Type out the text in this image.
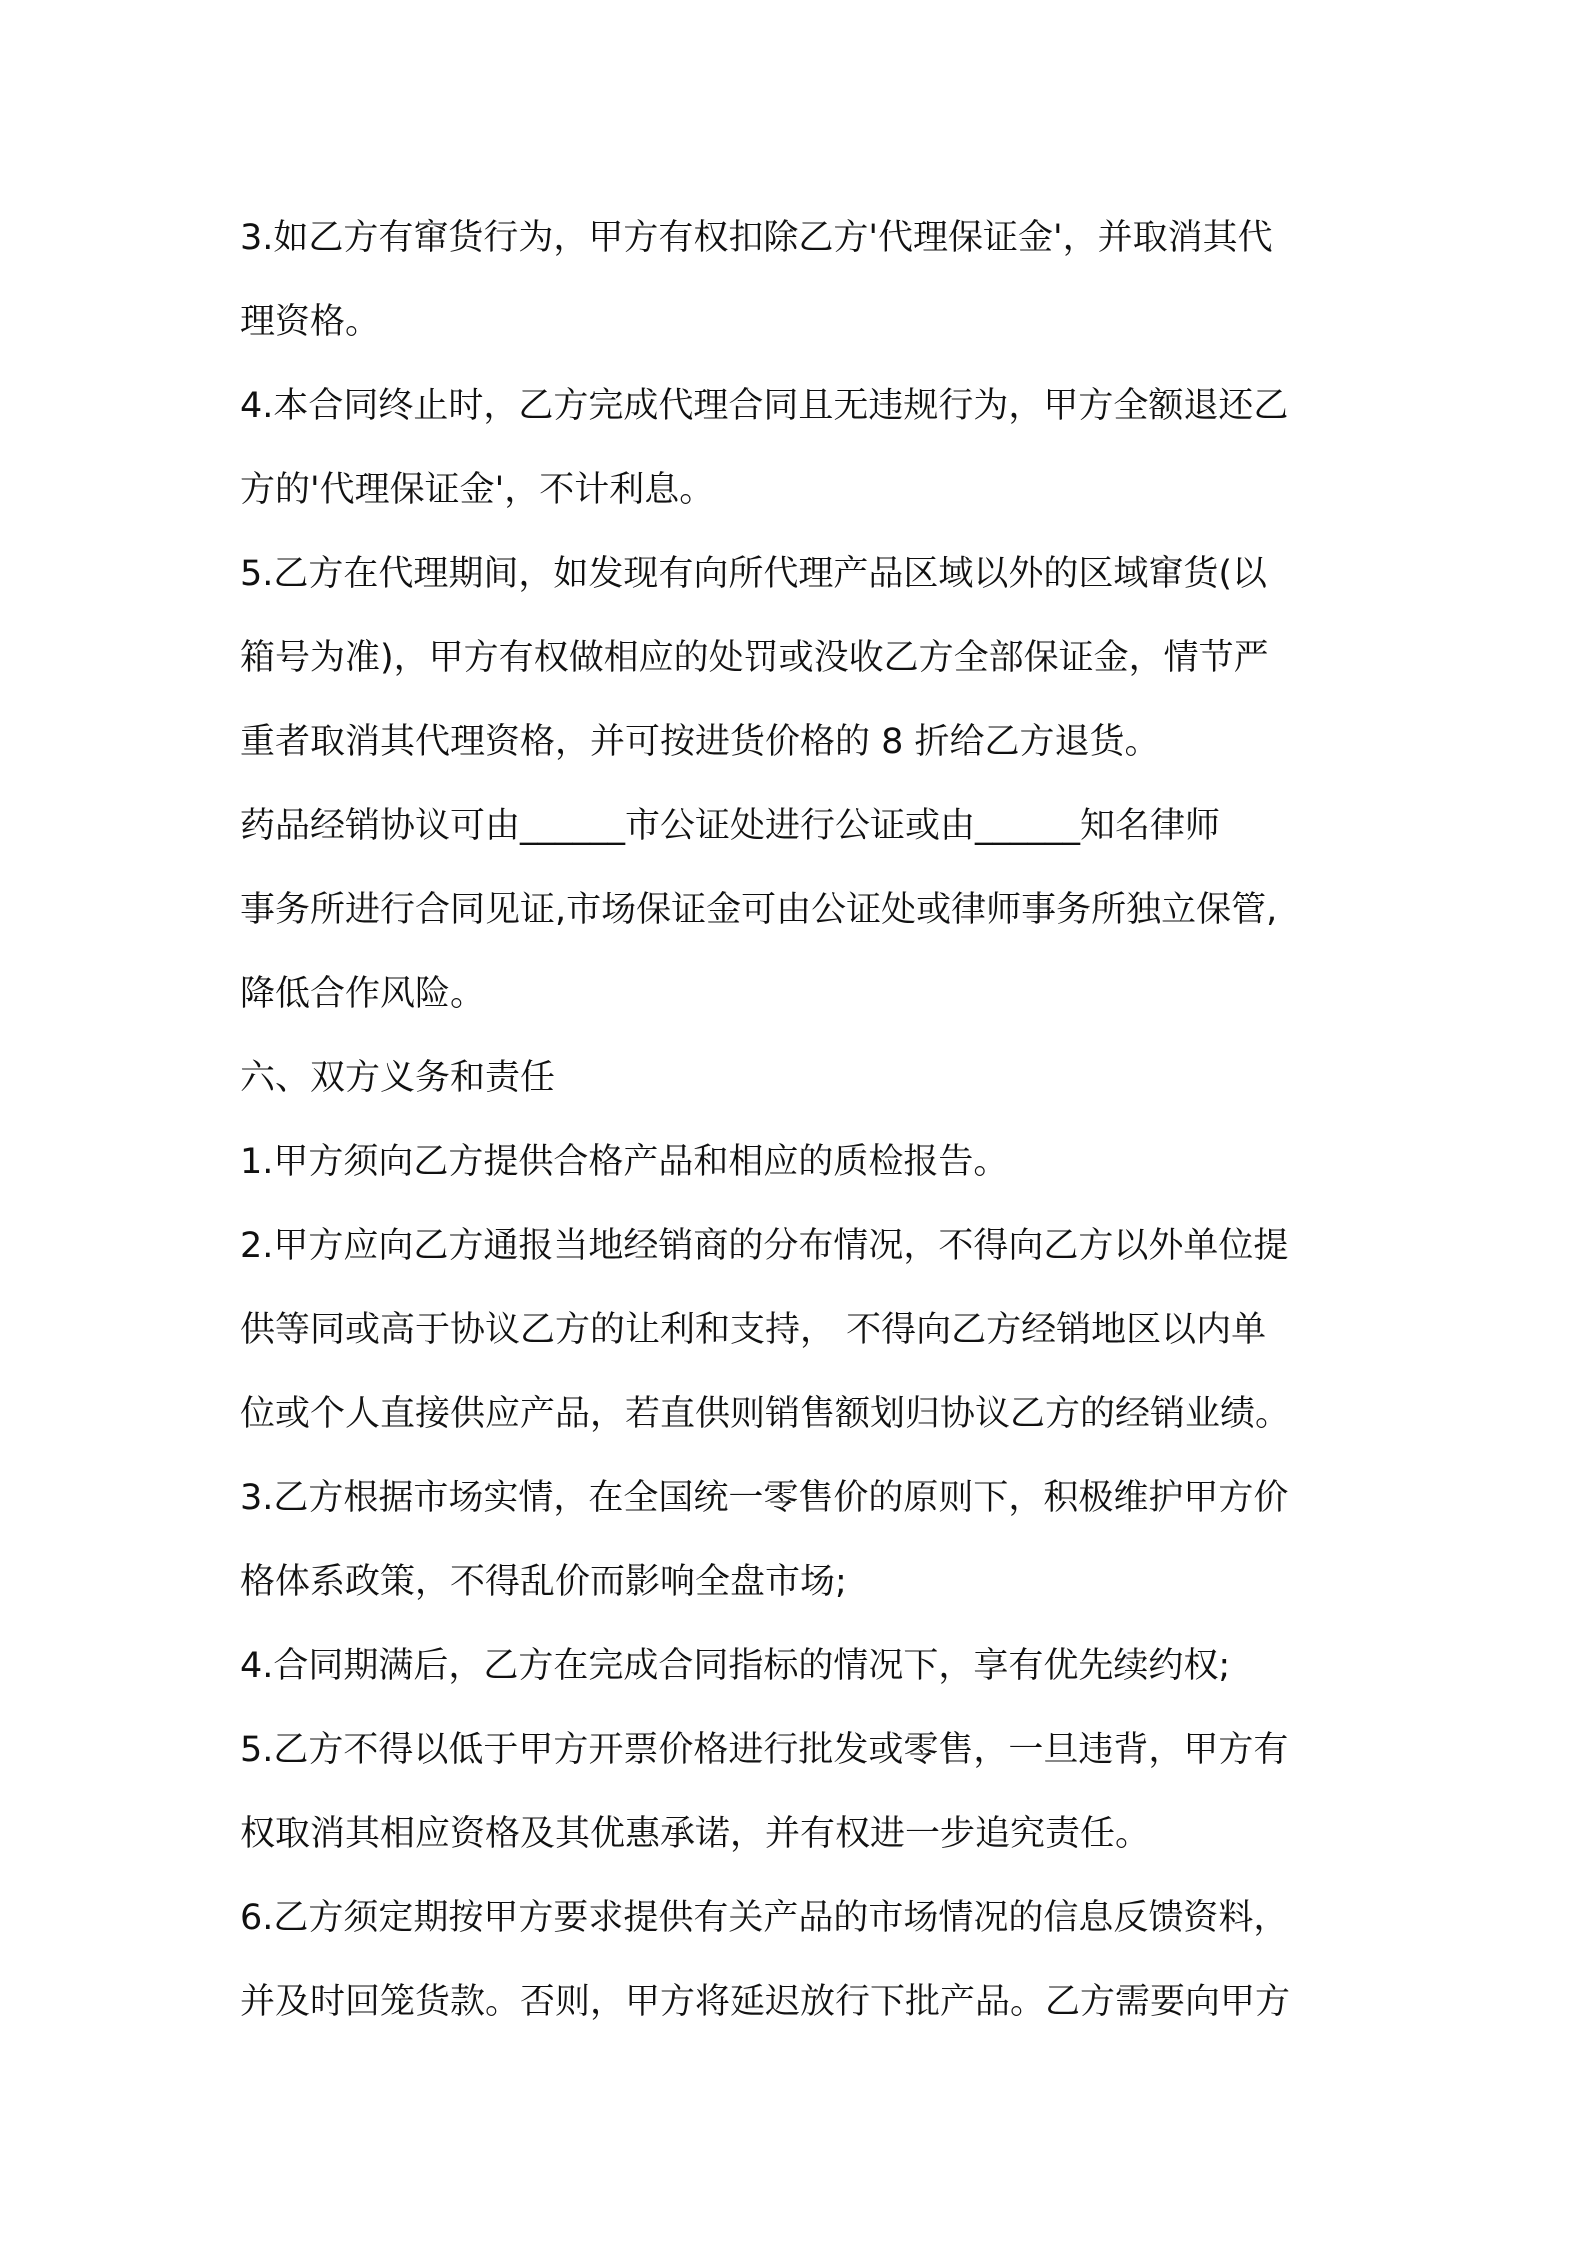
3.如乙方有窜货行为，甲方有权扣除乙方'代理保证金'，并取消其代
理资格。
4.本合同终止时，乙方完成代理合同且无违规行为，甲方全额退还乙
方的'代理保证金'，不计利息。
5.乙方在代理期间，如发现有向所代理产品区域以外的区域窜货(以
箱号为准)，甲方有权做相应的处罚或没收乙方全部保证金，情节严
重者取消其代理资格，并可按进货价格的 8 折给乙方退货。
药品经销协议可由______市公证处进行公证或由______知名律师
事务所进行合同见证,市场保证金可由公证处或律师事务所独立保管,
降低合作风险。
六、双方义务和责任
1.甲方须向乙方提供合格产品和相应的质检报告。
2.甲方应向乙方通报当地经销商的分布情况，不得向乙方以外单位提
供等同或高于协议乙方的让利和支持， 不得向乙方经销地区以内单
位或个人直接供应产品，若直供则销售额划归协议乙方的经销业绩。
3.乙方根据市场实情，在全国统一零售价的原则下，积极维护甲方价
格体系政策，不得乱价而影响全盘市场;
4.合同期满后，乙方在完成合同指标的情况下，享有优先续约权;
5.乙方不得以低于甲方开票价格进行批发或零售，一旦违背，甲方有
权取消其相应资格及其优惠承诺，并有权进一步追究责任。
6.乙方须定期按甲方要求提供有关产品的市场情况的信息反馈资料，
并及时回笼货款。否则，甲方将延迟放行下批产品。乙方需要向甲方
